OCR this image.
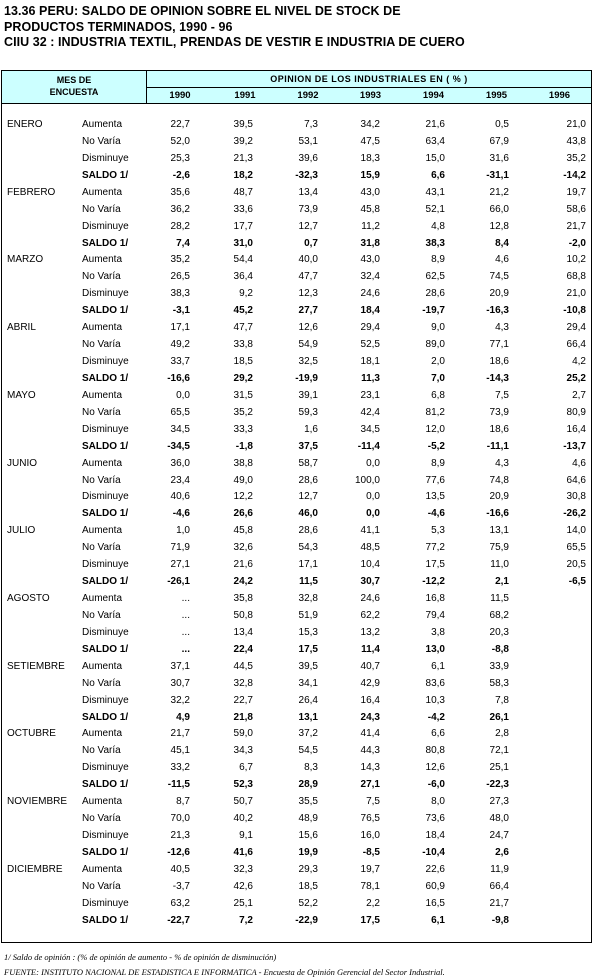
13.36 PERU: SALDO DE OPINION SOBRE EL NIVEL DE STOCK DE
PRODUCTOS TERMINADOS, 1990 - 96
CIIU 32 : INDUSTRIA TEXTIL, PRENDAS DE VESTIR E INDUSTRIA DE CUERO
MES DE
ENCUESTA
OPINION DE LOS INDUSTRIALES EN ( % )
1990	1991	1992	1993	1994	1995	1996
ENERO	Aumenta	22,7	39,5	7,3	34,2	21,6	0,5	21,0
No Varía	52,0	39,2	53,1	47,5	63,4	67,9	43,8
Disminuye	25,3	21,3	39,6	18,3	15,0	31,6	35,2
SALDO 1/	-2,6	18,2	-32,3	15,9	6,6	-31,1	-14,2
FEBRERO	Aumenta	35,6	48,7	13,4	43,0	43,1	21,2	19,7
No Varía	36,2	33,6	73,9	45,8	52,1	66,0	58,6
Disminuye	28,2	17,7	12,7	11,2	4,8	12,8	21,7
SALDO 1/	7,4	31,0	0,7	31,8	38,3	8,4	-2,0
MARZO	Aumenta	35,2	54,4	40,0	43,0	8,9	4,6	10,2
No Varía	26,5	36,4	47,7	32,4	62,5	74,5	68,8
Disminuye	38,3	9,2	12,3	24,6	28,6	20,9	21,0
SALDO 1/	-3,1	45,2	27,7	18,4	-19,7	-16,3	-10,8
ABRIL	Aumenta	17,1	47,7	12,6	29,4	9,0	4,3	29,4
No Varía	49,2	33,8	54,9	52,5	89,0	77,1	66,4
Disminuye	33,7	18,5	32,5	18,1	2,0	18,6	4,2
SALDO 1/	-16,6	29,2	-19,9	11,3	7,0	-14,3	25,2
MAYO	Aumenta	0,0	31,5	39,1	23,1	6,8	7,5	2,7
No Varía	65,5	35,2	59,3	42,4	81,2	73,9	80,9
Disminuye	34,5	33,3	1,6	34,5	12,0	18,6	16,4
SALDO 1/	-34,5	-1,8	37,5	-11,4	-5,2	-11,1	-13,7
JUNIO	Aumenta	36,0	38,8	58,7	0,0	8,9	4,3	4,6
No Varía	23,4	49,0	28,6	100,0	77,6	74,8	64,6
Disminuye	40,6	12,2	12,7	0,0	13,5	20,9	30,8
SALDO 1/	-4,6	26,6	46,0	0,0	-4,6	-16,6	-26,2
JULIO	Aumenta	1,0	45,8	28,6	41,1	5,3	13,1	14,0
No Varía	71,9	32,6	54,3	48,5	77,2	75,9	65,5
Disminuye	27,1	21,6	17,1	10,4	17,5	11,0	20,5
SALDO 1/	-26,1	24,2	11,5	30,7	-12,2	2,1	-6,5
AGOSTO	Aumenta	...	35,8	32,8	24,6	16,8	11,5
No Varía	...	50,8	51,9	62,2	79,4	68,2
Disminuye	...	13,4	15,3	13,2	3,8	20,3
SALDO 1/	...	22,4	17,5	11,4	13,0	-8,8
SETIEMBRE Aumenta	37,1	44,5	39,5	40,7	6,1	33,9
No Varía	30,7	32,8	34,1	42,9	83,6	58,3
Disminuye	32,2	22,7	26,4	16,4	10,3	7,8
SALDO 1/	4,9	21,8	13,1	24,3	-4,2	26,1
OCTUBRE	Aumenta	21,7	59,0	37,2	41,4	6,6	2,8
No Varía	45,1	34,3	54,5	44,3	80,8	72,1
Disminuye	33,2	6,7	8,3	14,3	12,6	25,1
SALDO 1/	-11,5	52,3	28,9	27,1	-6,0	-22,3
NOVIEMBRE Aumenta	8,7	50,7	35,5	7,5	8,0	27,3
No Varía	70,0	40,2	48,9	76,5	73,6	48,0
Disminuye	21,3	9,1	15,6	16,0	18,4	24,7
SALDO 1/	-12,6	41,6	19,9	-8,5	-10,4	2,6
DICIEMBRE Aumenta	40,5	32,3	29,3	19,7	22,6	11,9
No Varía	-3,7	42,6	18,5	78,1	60,9	66,4
Disminuye	63,2	25,1	52,2	2,2	16,5	21,7
SALDO 1/	-22,7	7,2	-22,9	17,5	6,1	-9,8
1/ Saldo de opinión : (% de opinión de aumento - % de opinión de disminución)
FUENTE: INSTITUTO NACIONAL DE ESTADISTICA E INFORMATICA - Encuesta de Opinión Gerencial del Sector Industrial.
